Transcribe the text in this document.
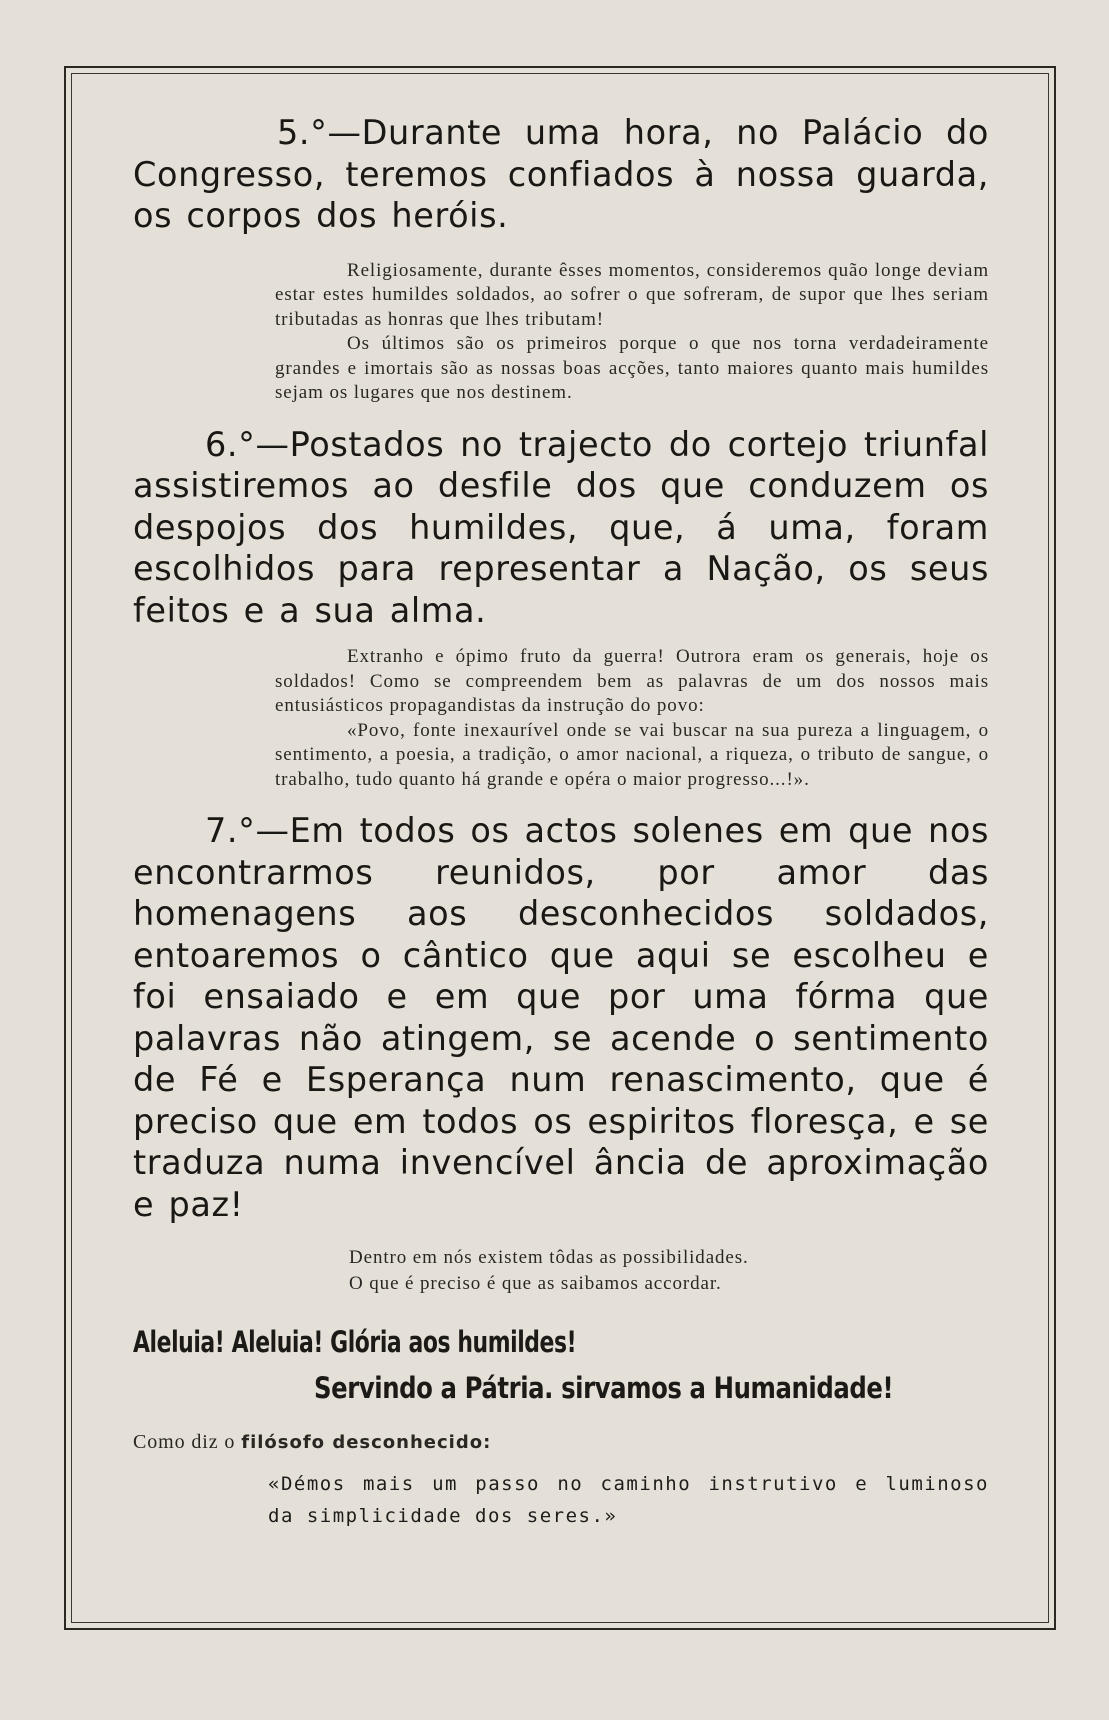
5.°—Durante uma hora, no Palácio do Congresso, teremos confiados à nossa guarda, os corpos dos heróis.

Religiosamente, durante êsses momentos, consideremos quão longe deviam estar estes humildes soldados, ao sofrer o que sofreram, de supor que lhes seriam tributadas as honras que lhes tributam!

Os últimos são os primeiros porque o que nos torna verdadeiramente grandes e imortais são as nossas boas acções, tanto maiores quanto mais humildes sejam os lugares que nos destinem.

6.°—Postados no trajecto do cortejo triunfal assistiremos ao desfile dos que conduzem os despojos dos humildes, que, á uma, foram escolhidos para representar a Nação, os seus feitos e a sua alma.

Extranho e ópimo fruto da guerra! Outrora eram os generais, hoje os soldados! Como se compreendem bem as palavras de um dos nossos mais entusiásticos propagandistas da instrução do povo:

«Povo, fonte inexaurível onde se vai buscar na sua pureza a linguagem, o sentimento, a poesia, a tradição, o amor nacional, a riqueza, o tributo de sangue, o trabalho, tudo quanto há grande e opéra o maior progresso...!».

7.°—Em todos os actos solenes em que nos encontrarmos reunidos, por amor das homenagens aos desconhecidos soldados, entoaremos o cântico que aqui se escolheu e foi ensaiado e em que por uma fórma que palavras não atingem, se acende o sentimento de Fé e Esperança num renascimento, que é preciso que em todos os espiritos floresça, e se traduza numa invencível ância de aproximação e paz!

Dentro em nós existem tôdas as possibilidades.
O que é preciso é que as saibamos accordar.
Aleluia! Aleluia! Glória aos humildes!
Servindo a Pátria. sirvamos a Humanidade!
Como diz o filósofo desconhecido:
«Démos mais um passo no caminho instrutivo e luminoso da simplicidade dos seres.»
